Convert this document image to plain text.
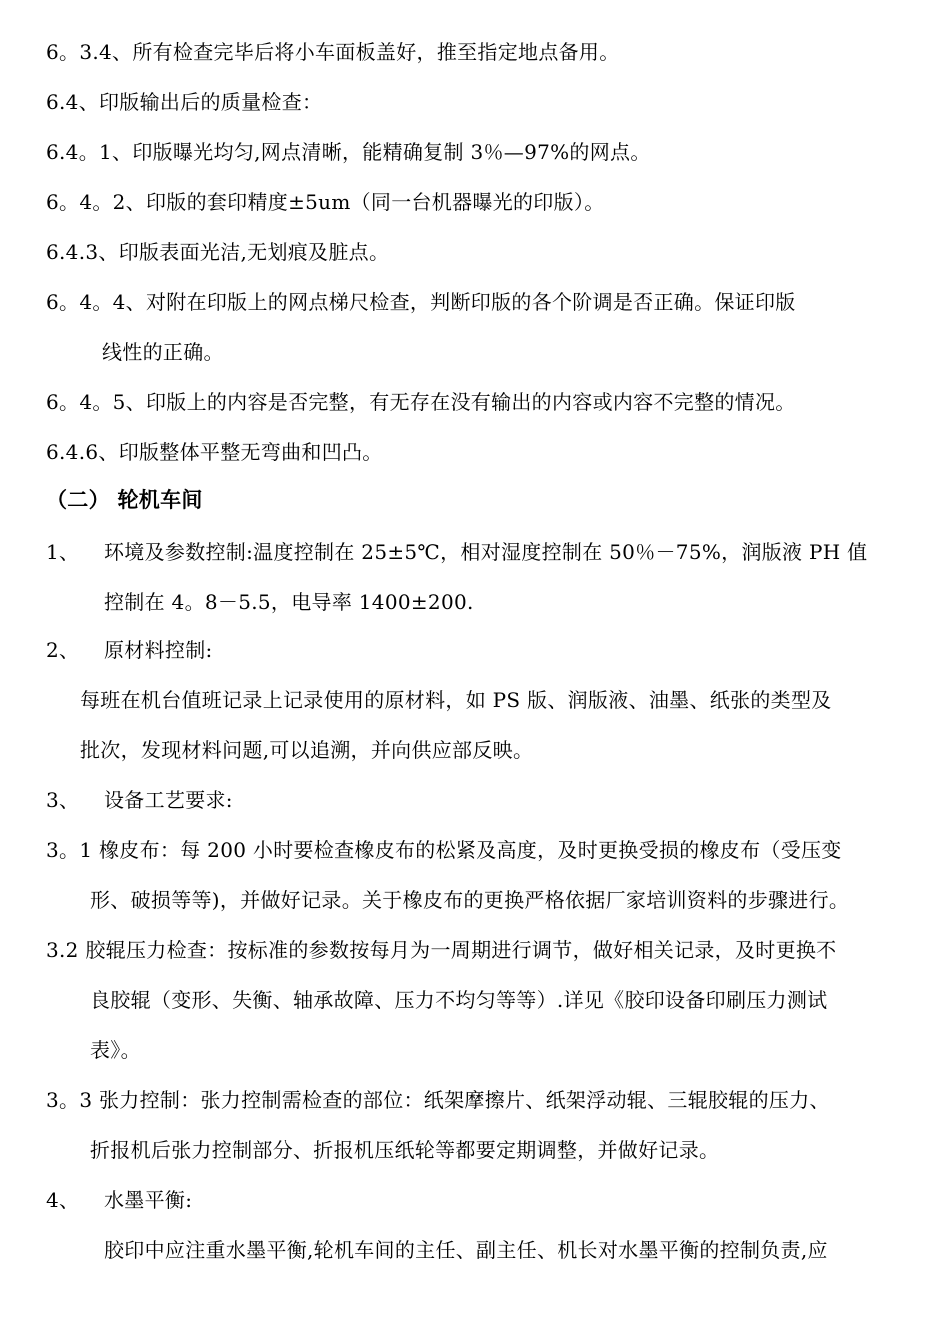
6。3.4、所有检查完毕后将小车面板盖好，推至指定地点备用。
6.4、印版输出后的质量检查：
6.4。1、印版曝光均匀,网点清晰，能精确复制 3％—97%的网点。
6。4。2、印版的套印精度±5um（同一台机器曝光的印版）。
6.4.3、印版表面光洁,无划痕及脏点。
6。4。4、对附在印版上的网点梯尺检查，判断印版的各个阶调是否正确。保证印版
线性的正确。
6。4。5、印版上的内容是否完整，有无存在没有输出的内容或内容不完整的情况。
6.4.6、印版整体平整无弯曲和凹凸。
（二） 轮机车间
1、 环境及参数控制:温度控制在 25±5℃，相对湿度控制在 50％－75%，润版液 PH 值
控制在 4。8－5.5，电导率 1400±200.
2、 原材料控制:
每班在机台值班记录上记录使用的原材料，如 PS 版、润版液、油墨、纸张的类型及
批次，发现材料问题,可以追溯，并向供应部反映。
3、 设备工艺要求:
3。1 橡皮布：每 200 小时要检查橡皮布的松紧及高度，及时更换受损的橡皮布（受压变
形、破损等等)，并做好记录。关于橡皮布的更换严格依据厂家培训资料的步骤进行。
3.2 胶辊压力检查：按标准的参数按每月为一周期进行调节，做好相关记录，及时更换不
良胶辊（变形、失衡、轴承故障、压力不均匀等等）.详见《胶印设备印刷压力测试
表》。
3。3 张力控制：张力控制需检查的部位：纸架摩擦片、纸架浮动辊、三辊胶辊的压力、
折报机后张力控制部分、折报机压纸轮等都要定期调整，并做好记录。
4、 水墨平衡:
胶印中应注重水墨平衡,轮机车间的主任、副主任、机长对水墨平衡的控制负责,应
